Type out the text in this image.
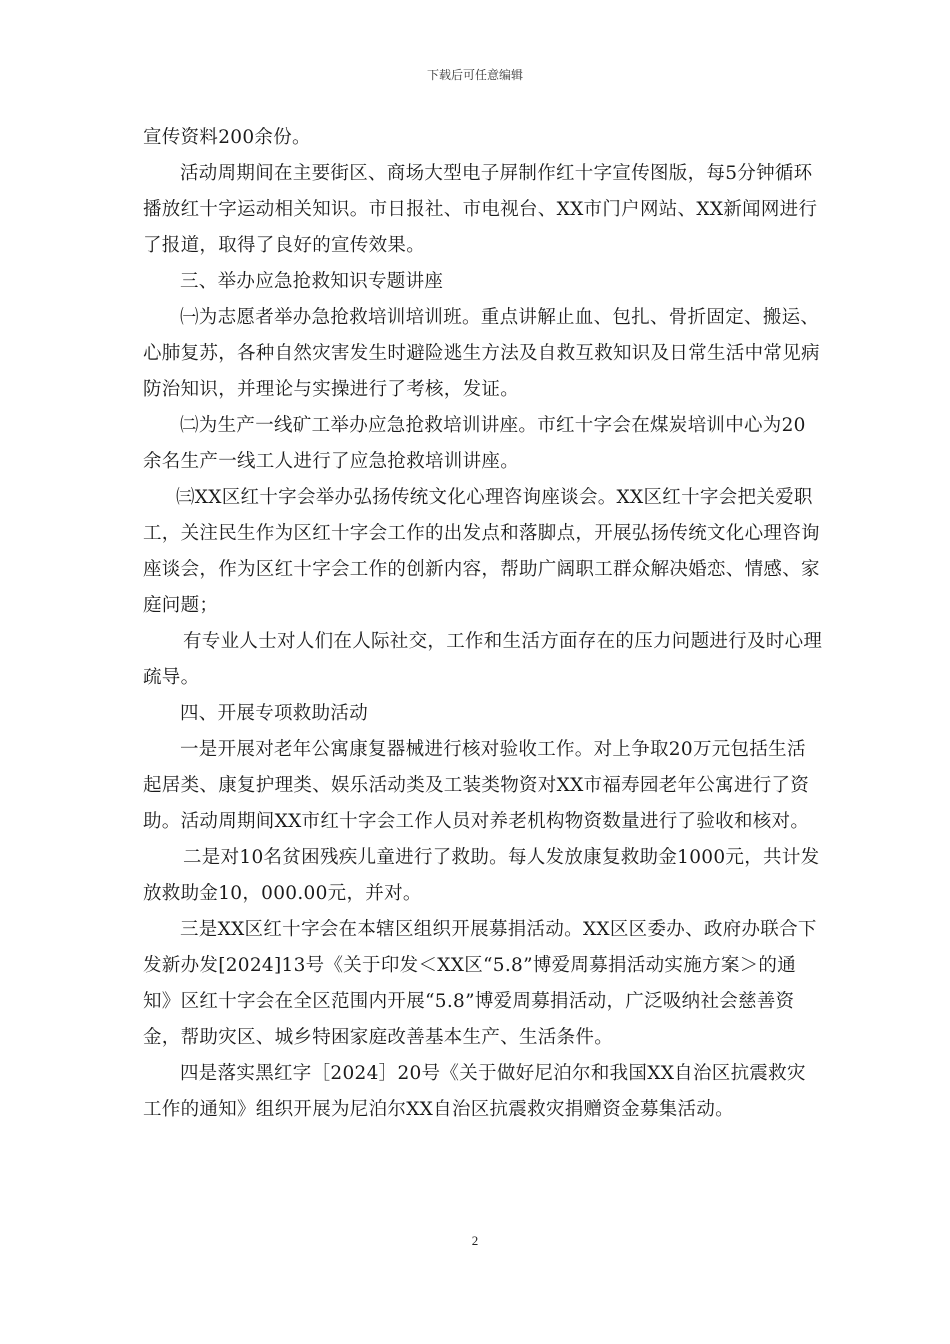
下载后可任意编辑

宣传资料200余份。

活动周期间在主要街区、商场大型电子屏制作红十字宣传图版，每5分钟循环播放红十字运动相关知识。市日报社、市电视台、XX市门户网站、XX新闻网进行了报道，取得了良好的宣传效果。

三、举办应急抢救知识专题讲座

㈠为志愿者举办急抢救培训培训班。重点讲解止血、包扎、骨折固定、搬运、心肺复苏，各种自然灾害发生时避险逃生方法及自救互救知识及日常生活中常见病防治知识，并理论与实操进行了考核，发证。

㈡为生产一线矿工举办应急抢救培训讲座。市红十字会在煤炭培训中心为20余名生产一线工人进行了应急抢救培训讲座。

㈢XX区红十字会举办弘扬传统文化心理咨询座谈会。XX区红十字会把关爱职工，关注民生作为区红十字会工作的出发点和落脚点，开展弘扬传统文化心理咨询座谈会，作为区红十字会工作的创新内容，帮助广阔职工群众解决婚恋、情感、家庭问题；

有专业人士对人们在人际社交，工作和生活方面存在的压力问题进行及时心理疏导。

四、开展专项救助活动

一是开展对老年公寓康复器械进行核对验收工作。对上争取20万元包括生活起居类、康复护理类、娱乐活动类及工装类物资对XX市福寿园老年公寓进行了资助。活动周期间XX市红十字会工作人员对养老机构物资数量进行了验收和核对。

二是对10名贫困残疾儿童进行了救助。每人发放康复救助金1000元，共计发放救助金10，000.00元，并对。

三是XX区红十字会在本辖区组织开展募捐活动。XX区区委办、政府办联合下发新办发[2024]13号《关于印发＜XX区“5.8”博爱周募捐活动实施方案＞的通知》区红十字会在全区范围内开展“5.8”博爱周募捐活动，广泛吸纳社会慈善资金，帮助灾区、城乡特困家庭改善基本生产、生活条件。

四是落实黑红字［2024］20号《关于做好尼泊尔和我国XX自治区抗震救灾工作的通知》组织开展为尼泊尔XX自治区抗震救灾捐赠资金募集活动。

2
